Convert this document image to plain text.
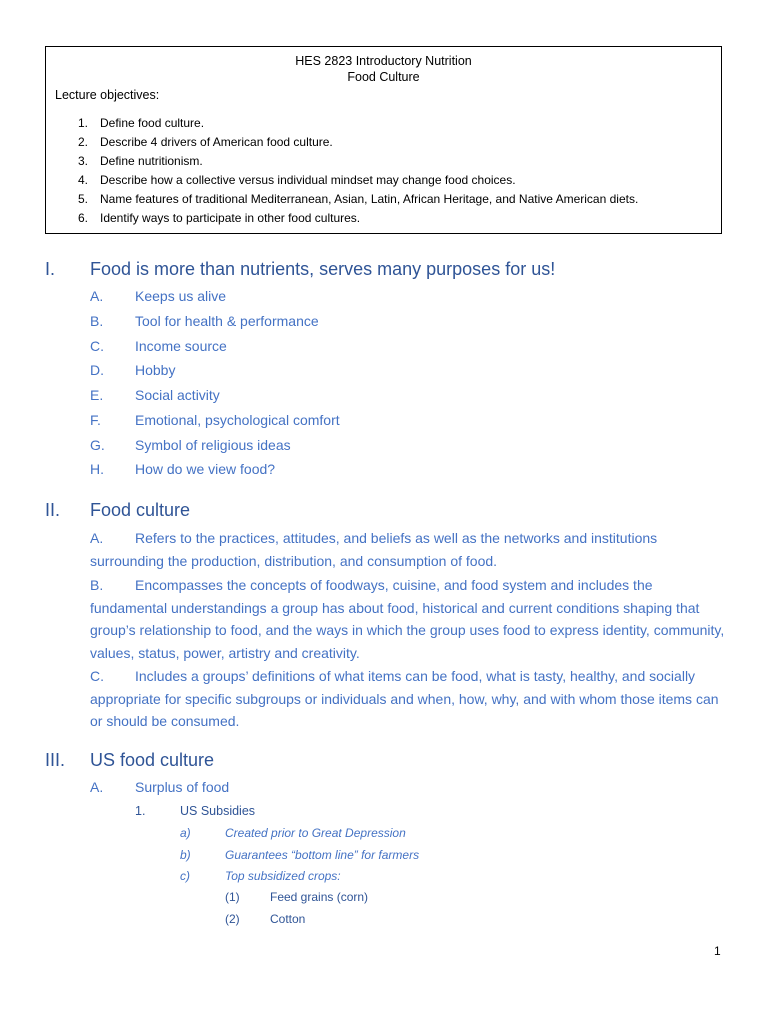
HES 2823 Introductory Nutrition
Food Culture
Lecture objectives:
1. Define food culture.
2. Describe 4 drivers of American food culture.
3. Define nutritionism.
4. Describe how a collective versus individual mindset may change food choices.
5. Name features of traditional Mediterranean, Asian, Latin, African Heritage, and Native American diets.
6. Identify ways to participate in other food cultures.
I. Food is more than nutrients, serves many purposes for us!
A. Keeps us alive
B. Tool for health & performance
C. Income source
D. Hobby
E. Social activity
F. Emotional, psychological comfort
G. Symbol of religious ideas
H. How do we view food?
II. Food culture
A. Refers to the practices, attitudes, and beliefs as well as the networks and institutions surrounding the production, distribution, and consumption of food.
B. Encompasses the concepts of foodways, cuisine, and food system and includes the fundamental understandings a group has about food, historical and current conditions shaping that group’s relationship to food, and the ways in which the group uses food to express identity, community, values, status, power, artistry and creativity.
C. Includes a groups’ definitions of what items can be food, what is tasty, healthy, and socially appropriate for specific subgroups or individuals and when, how, why, and with whom those items can or should be consumed.
III. US food culture
A. Surplus of food
1.	US Subsidies
a)	Created prior to Great Depression
b)	Guarantees “bottom line” for farmers
c)	Top subsidized crops:
(1)	Feed grains (corn)
(2)	Cotton
1
